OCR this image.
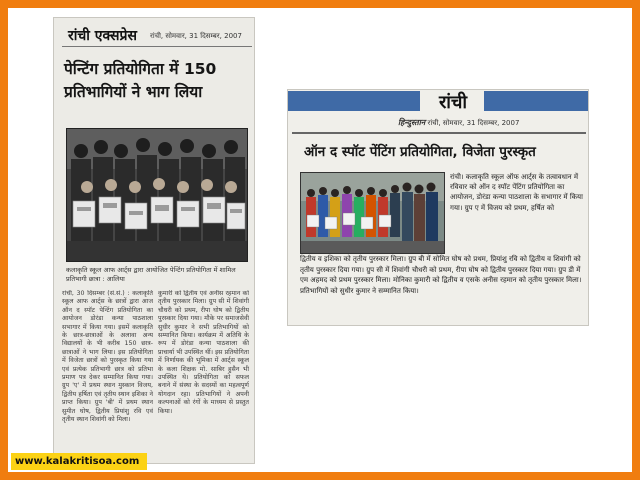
रांची एक्सप्रेस रांची, सोमवार, 31 दिसम्बर, 2007
पेन्टिंग प्रतियोगिता में 150 प्रतिभागियों ने भाग लिया
कलाकृति स्कूल आफ आर्ट्स द्वारा आयोजित पेन्टिंग प्रतियोगिता में शामिल प्रतिभागी छात्रा : आलिया
रांची, 30 दिसम्बर (सं.सं.) : कलाकृति स्कूल आफ आर्ट्स के छात्रों द्वारा आज ऑन द स्पॉट पेन्टिंग प्रतियोगिता का आयोजन डोरंडा कन्या पाठशाला सभागार में किया गया। इसमें कलाकृति के छात्र-छात्राओं के अलावा अन्य विद्यालयों के भी करीब 150 छात्र-छात्राओं ने भाग लिया। इस प्रतियोगिता में विजेता छात्रों को पुरस्कृत किया गया एवं प्रत्येक प्रतिभागी छात्र को प्रतिभा प्रमाण पत्र देकर सम्मानित किया गया। ग्रुप 'ए' में प्रथम स्थान मुस्कान विजय, द्वितीय हर्षिता एवं तृतीय स्थान इशिका ने प्राप्त किया। ग्रुप 'बी' में प्रथम स्थान सुमीत घोष, द्वितीय प्रियांशु रवि एवं तृतीय स्थान शिवांगी को मिला।
कुमारी को द्वितीय एवं अनीस रहमान को तृतीय पुरस्कार मिला। ग्रुप सी में शिवांगी चौधरी को प्रथम, रीपा घोष को द्वितीय पुरस्कार दिया गया। मौके पर समाजसेवी सुधीर कुमार ने सभी प्रतिभागियों को सम्मानित किया। कार्यक्रम में अतिथि के रूप में डोरंडा कन्या पाठशाला की प्राचार्या भी उपस्थित थीं। इस प्रतियोगिता में निर्णायक की भूमिका में आर्ट्स स्कूल के कला शिक्षक मो. साबिर हुसैन भी उपस्थित थे। प्रतियोगिता को सफल बनाने में संस्था के सदस्यों का महत्वपूर्ण योगदान रहा। प्रतिभागियों ने अपनी कल्पनाओं को रंगों के माध्यम से प्रस्तुत किया।
रांची
हिन्दुस्तान रांची, सोमवार, 31 दिसम्बर, 2007
ऑन द स्पॉट पेंटिंग प्रतियोगिता, विजेता पुरस्कृत
रांची। कलाकृति स्कूल ऑफ आर्ट्स के तत्वावधान में रविवार को ऑन द स्पॉट पेंटिंग प्रतियोगिता का आयोजन, डोरंडा कन्या पाठशाला के सभागार में किया गया। ग्रुप ए में विजय को प्रथम, हर्षित को
द्वितीय व इशिका को तृतीय पुरस्कार मिला। ग्रुप बी में सोमित घोष को प्रथम, प्रियांशु रवि को द्वितीय व शिवांगी को तृतीय पुरस्कार दिया गया। ग्रुप सी में शिवांगी चौधरी को प्रथम, रीपा घोष को द्वितीय पुरस्कार दिया गया। ग्रुप डी में एम अहमद को प्रथम पुरस्कार मिला। मोनिका कुमारी को द्वितीय व एसके अनीस रहमान को तृतीय पुरस्कार मिला। प्रतिभागियों को सुधीर कुमार ने सम्मानित किया।
www.kalakritisoa.com
